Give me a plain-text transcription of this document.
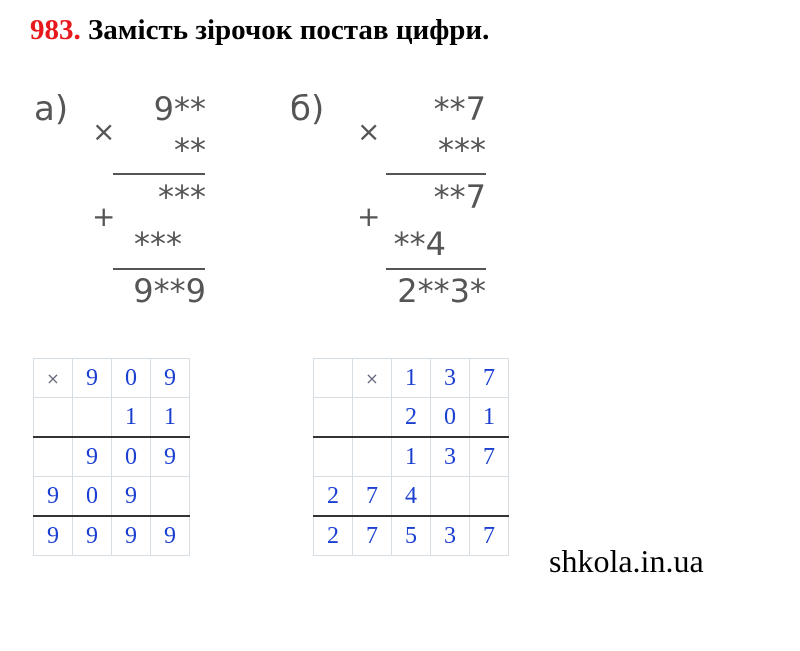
983. Замість зірочок постав цифри.
а)
×
9**
**
***
+
***
9**9
б)
×
**7
***
**7
+
**4
2**3*
×	9	0	9
		1	1
	9	0	9
9	0	9	
9	9	9	9
	×	1	3	7
		2	0	1
		1	3	7
2	7	4		
2	7	5	3	7
shkola.in.ua
